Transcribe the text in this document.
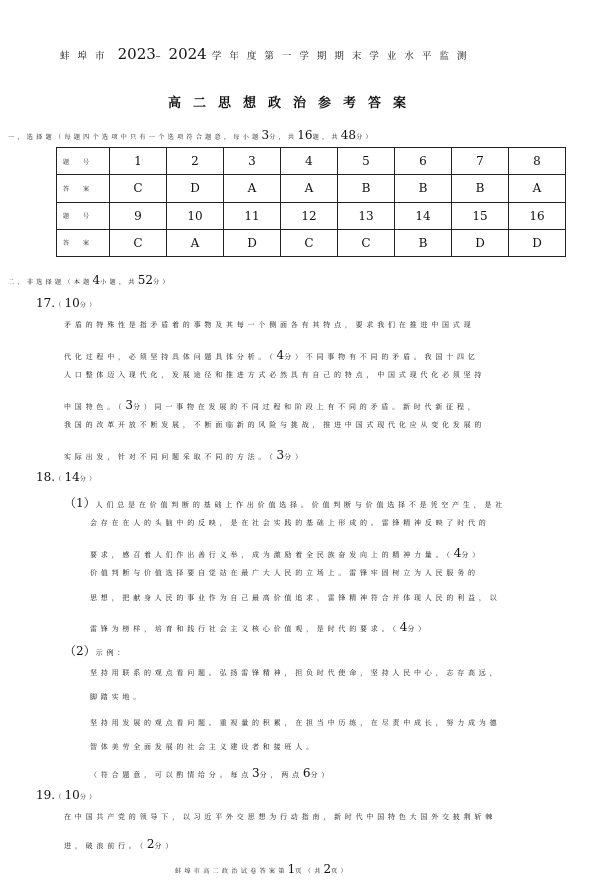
蚌埠市 2023–2024 学年度第一学期期末学业水平监测
高二思想政治参考答案
一、选择题（每题四个选项中只有一个选项符合题意，每小题3分，共16题，共48分）
题号	1	2	3	4	5	6	7	8
答案	C	D	A	A	B	B	B	A
题号	9	10	11	12	13	14	15	16
答案	C	A	D	C	C	B	D	D
二、非选择题（本题4小题，共52分）
17.（10分）
矛盾的特殊性是指矛盾着的事物及其每一个侧面各有其特点，要求我们在推进中国式现
代化过程中，必须坚持具体问题具体分析。（4分）不同事物有不同的矛盾。我国十四亿
人口整体迈入现代化，发展途径和推进方式必然具有自己的特点，中国式现代化必须坚持
中国特色。（3分）同一事物在发展的不同过程和阶段上有不同的矛盾。新时代新征程，
我国的改革开放不断发展，不断面临新的风险与挑战，推进中国式现代化应从变化发展的
实际出发，针对不同问题采取不同的方法。（3分）
18.（14分）
（1）人们总是在价值判断的基础上作出价值选择。价值判断与价值选择不是凭空产生，是社
会存在在人的头脑中的反映，是在社会实践的基础上形成的。雷锋精神反映了时代的
要求，感召着人们作出善行义举，成为激励着全民族奋发向上的精神力量。（4分）
价值判断与价值选择要自觉站在最广大人民的立场上。雷锋牢固树立为人民服务的
思想，把献身人民的事业作为自己最高价值追求，雷锋精神符合并体现人民的利益，以
雷锋为榜样，培育和践行社会主义核心价值观，是时代的要求。（4分）
（2）示例：
坚持用联系的观点看问题。弘扬雷锋精神，担负时代使命，坚持人民中心，志存高远，
脚踏实地。
坚持用发展的观点看问题。重视量的积累，在担当中历练，在尽责中成长，努力成为德
智体美劳全面发展的社会主义建设者和接班人。
（符合题意，可以酌情给分。每点3分，两点6分）
19.（10分）
在中国共产党的领导下，以习近平外交思想为行动指南，新时代中国特色大国外交披荆斩棘
进，破浪前行。（2分）
蚌埠市高二政治试卷答案第1页（共2页）
